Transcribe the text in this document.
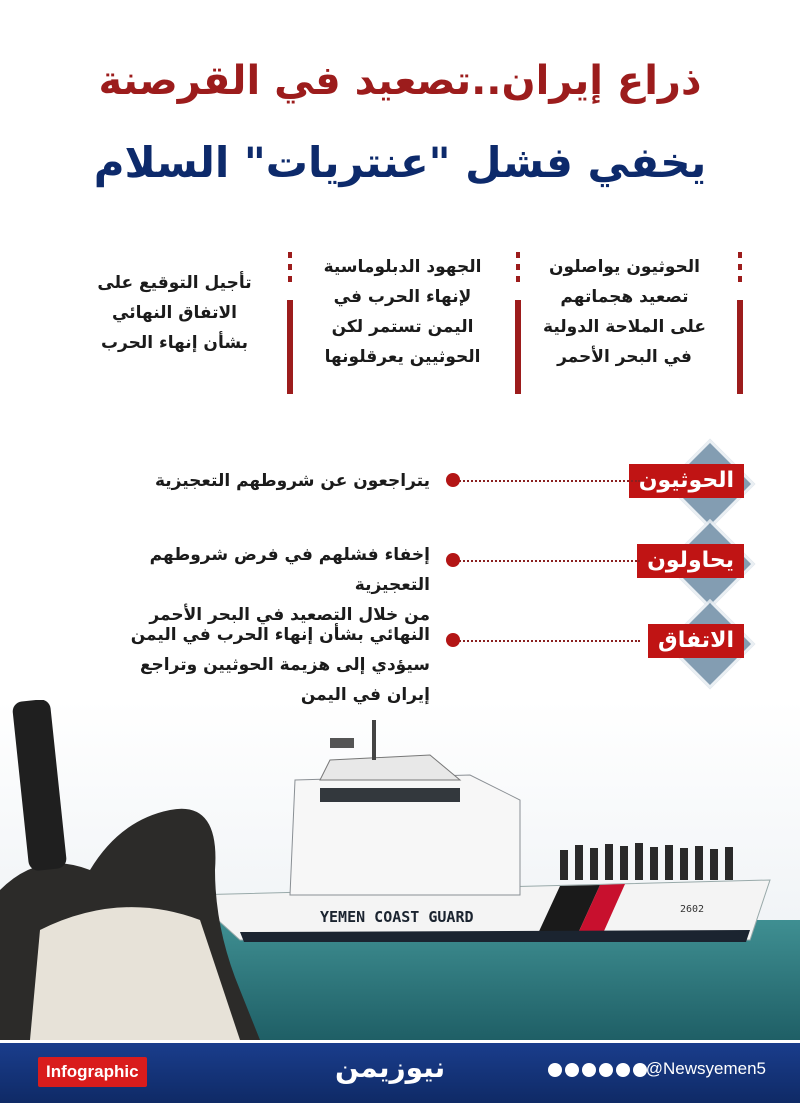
ذراع إيران..تصعيد في القرصنة
يخفي فشل "عنتريات" السلام
الحوثيون يواصلون
تصعيد هجماتهم
على الملاحة الدولية
في البحر الأحمر
الجهود الدبلوماسية
لإنهاء الحرب في
اليمن تستمر لكن
الحوثيين يعرقلونها
تأجيل التوقيع على
الاتفاق النهائي
بشأن إنهاء الحرب
YEMEN COAST GUARD	2602
الحوثيون
يتراجعون عن شروطهم التعجيزية
يحاولون
إخفاء فشلهم في فرض شروطهم التعجيزية
من خلال التصعيد في البحر الأحمر
الاتفاق
النهائي بشأن إنهاء الحرب في اليمن
سيؤدي إلى هزيمة الحوثيين وتراجع
إيران في اليمن
Infographic	نيوزيمن	@Newsyemen5
